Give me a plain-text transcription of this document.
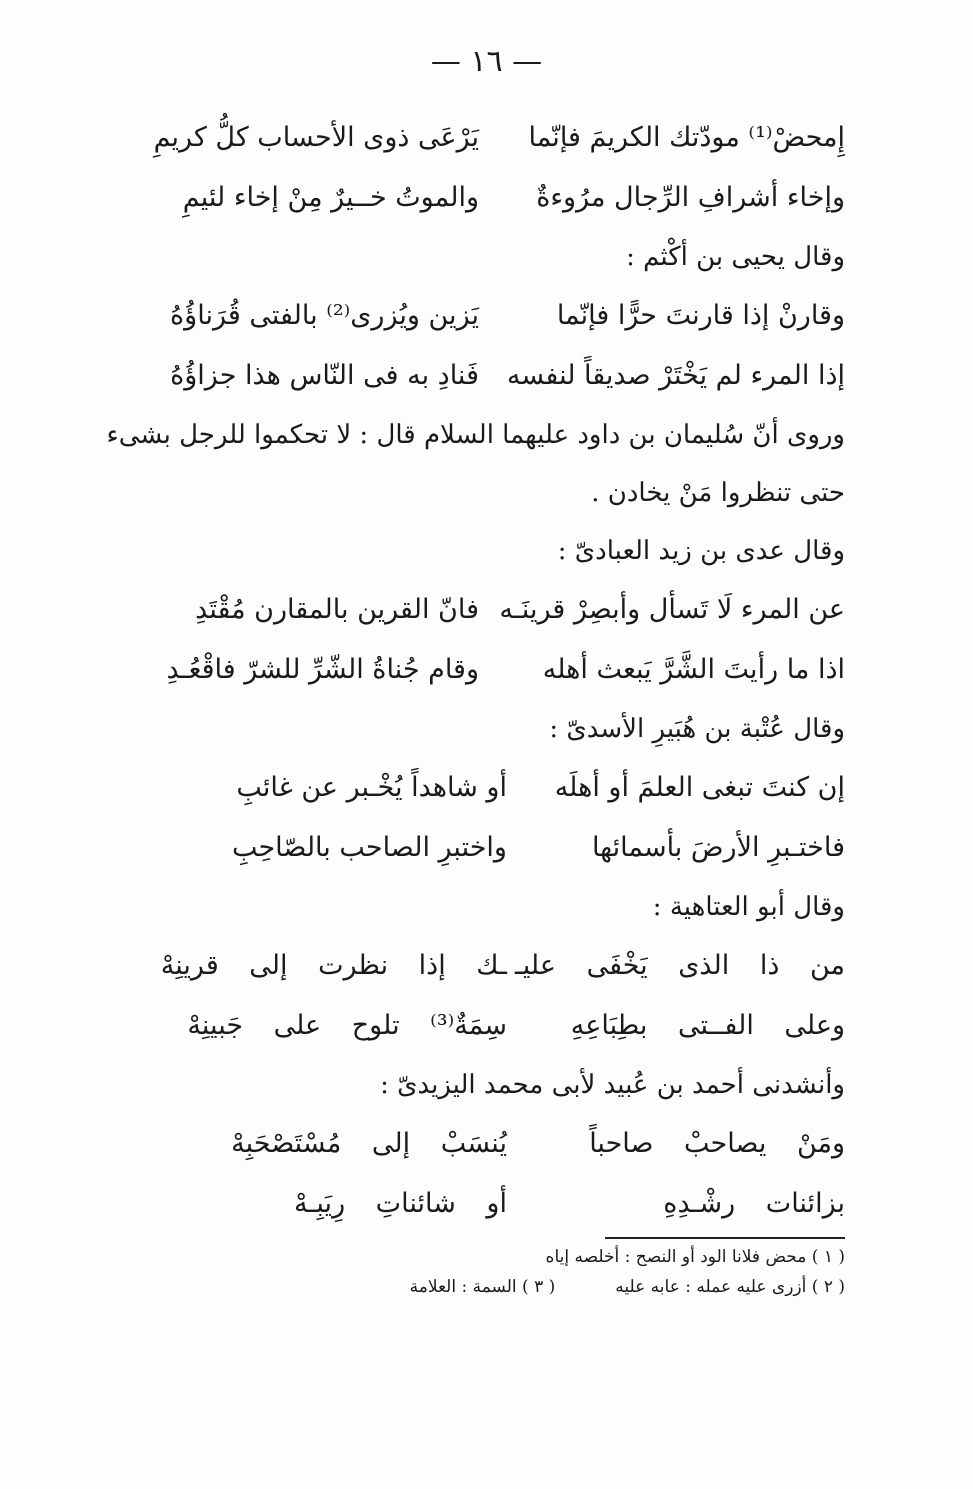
— ١٦ —
إِمحضْ⁽¹⁾ مودّتك الكريمَ فإنّما
يَرْعَى ذوى الأحساب كلُّ كريمِ
وإخاء أشرافِ الرِّجال مرُوءةٌ
والموتُ خــيرٌ مِنْ إخاء لئيمِ
وقال يحيى بن أكْثم :
وقارنْ إذا قارنتَ حرًّا فإنّما
يَزين ويُزرى⁽²⁾ بالفتى قُرَناؤُهُ
إذا المرء لم يَخْتَرْ صديقاً لنفسه
فَنادِ به فى النّاس هذا جزاؤُهُ
وروى أنّ سُليمان بن داود عليهما السلام قال : لا تحكموا للرجل بشىء
حتى تنظروا مَنْ يخادن .
وقال عدى بن زيد العبادىّ :
عن المرء لَا تَسأل وأبصِرْ قرينَـه
فانّ القرين بالمقارن مُقْتَدِ
اذا ما رأيتَ الشَّرَّ يَبعث أهله
وقام جُناةُ الشّرِّ للشرّ فاقْعُـدِ
وقال عُتْبة بن هُبَيرِ الأسدىّ :
إن كنتَ تبغى العلمَ أو أهلَه
أو شاهداً يُخْـبر عن غائبِ
فاختـبرِ الأرضَ بأسمائها
واختبرِ الصاحب بالصّاحِبِ
وقال أبو العتاهية :
من ذا الذى يَخْفَى عليـ
ـك إذا نظرت إلى قرينِهْ
وعلى الفــتى بطِبَاعِهِ
سِمَةٌ⁽³⁾ تلوح على جَبينِهْ
وأنشدنى أحمد بن عُبيد لأبى محمد اليزيدىّ :
ومَنْ يصاحبْ صاحباً
يُنسَبْ إلى مُسْتَصْحَبِهْ
بزائنات رشْـدِهِ
أو شائناتِ رِيَبِـهْ
( ١ ) محض فلانا الود أو النصح : أخلصه إياه
( ٢ ) أزرى عليه عمله : عابه عليه
( ٣ ) السمة : العلامة
